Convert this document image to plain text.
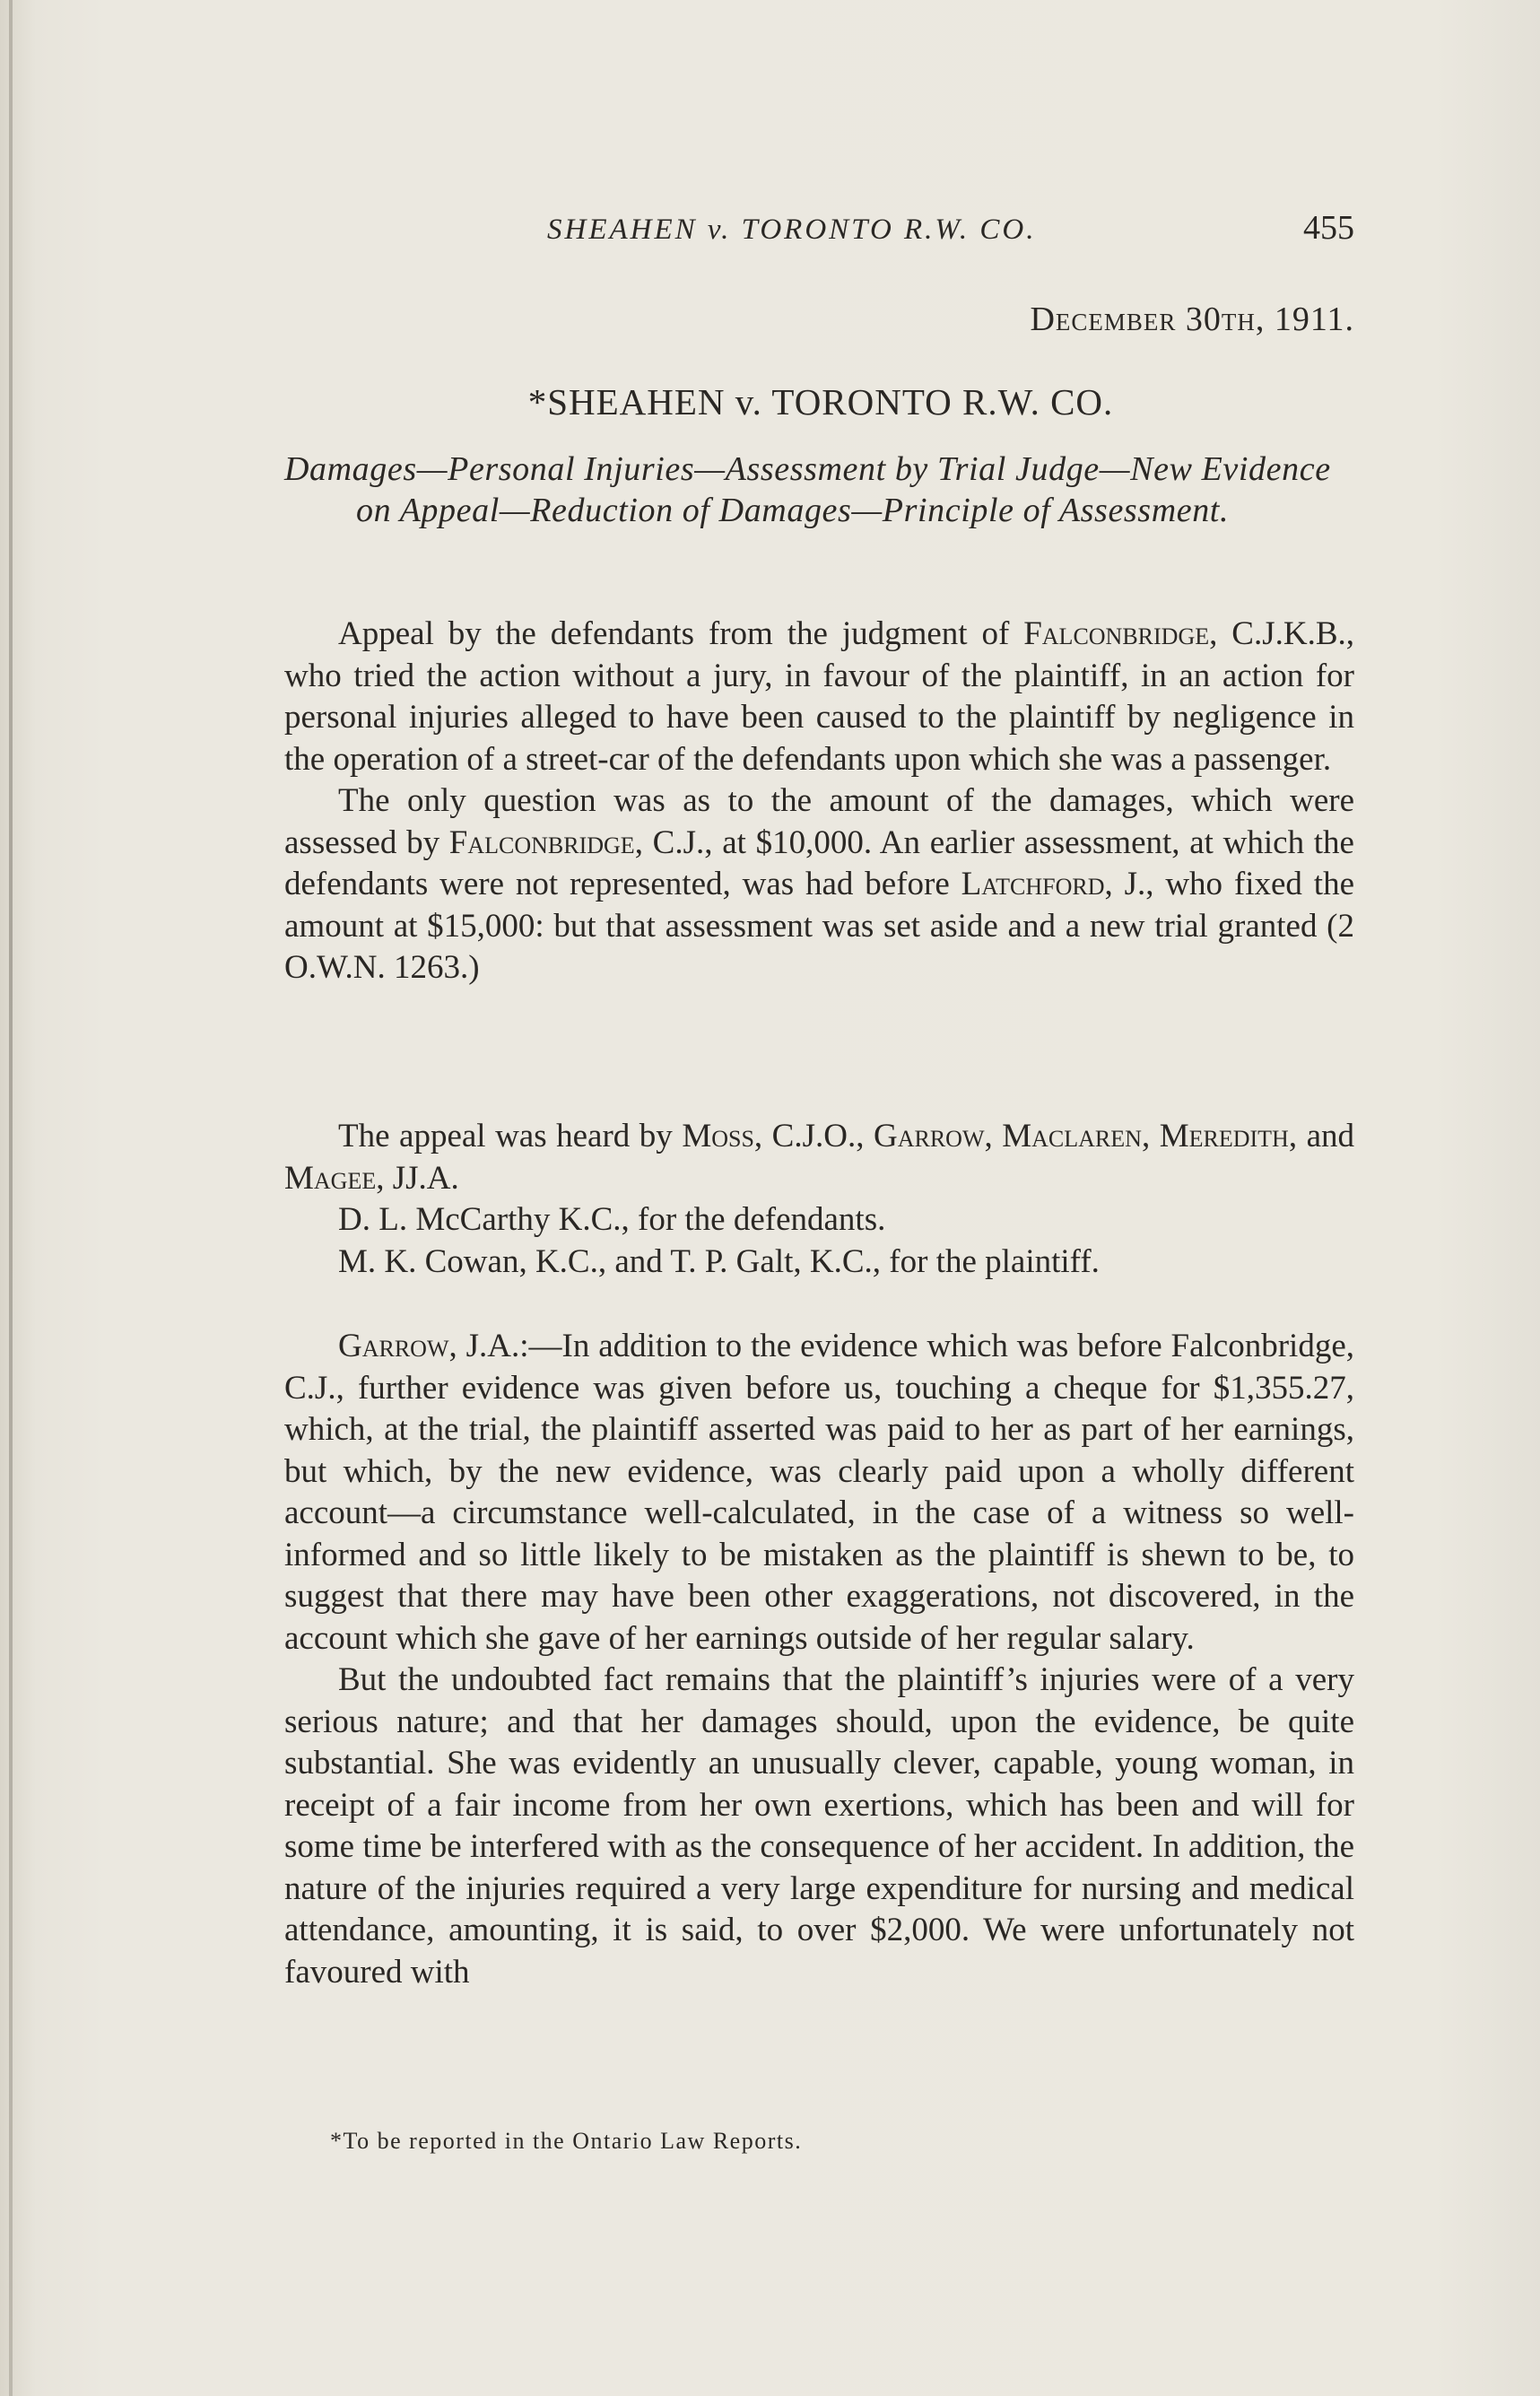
SHEAHEN v. TORONTO R.W. CO.	455
December 30th, 1911.
*SHEAHEN v. TORONTO R.W. CO.
Damages—Personal Injuries—Assessment by Trial Judge—New Evidence on Appeal—Reduction of Damages—Principle of Assessment.

Appeal by the defendants from the judgment of Falconbridge, C.J.K.B., who tried the action without a jury, in favour of the plaintiff, in an action for personal injuries alleged to have been caused to the plaintiff by negligence in the operation of a street-car of the defendants upon which she was a passenger.

The only question was as to the amount of the damages, which were assessed by Falconbridge, C.J., at $10,000. An earlier assessment, at which the defendants were not represented, was had before Latchford, J., who fixed the amount at $15,000: but that assessment was set aside and a new trial granted (2 O.W.N. 1263.)

The appeal was heard by Moss, C.J.O., Garrow, Maclaren, Meredith, and Magee, JJ.A.

D. L. McCarthy K.C., for the defendants.

M. K. Cowan, K.C., and T. P. Galt, K.C., for the plaintiff.

Garrow, J.A.:—In addition to the evidence which was before Falconbridge, C.J., further evidence was given before us, touching a cheque for $1,355.27, which, at the trial, the plaintiff asserted was paid to her as part of her earnings, but which, by the new evidence, was clearly paid upon a wholly different account—a circumstance well-calculated, in the case of a witness so well-informed and so little likely to be mistaken as the plaintiff is shewn to be, to suggest that there may have been other exaggerations, not discovered, in the account which she gave of her earnings outside of her regular salary.

But the undoubted fact remains that the plaintiff’s injuries were of a very serious nature; and that her damages should, upon the evidence, be quite substantial. She was evidently an unusually clever, capable, young woman, in receipt of a fair income from her own exertions, which has been and will for some time be interfered with as the consequence of her accident. In addition, the nature of the injuries required a very large expenditure for nursing and medical attendance, amounting, it is said, to over $2,000. We were unfortunately not favoured with

*To be reported in the Ontario Law Reports.
